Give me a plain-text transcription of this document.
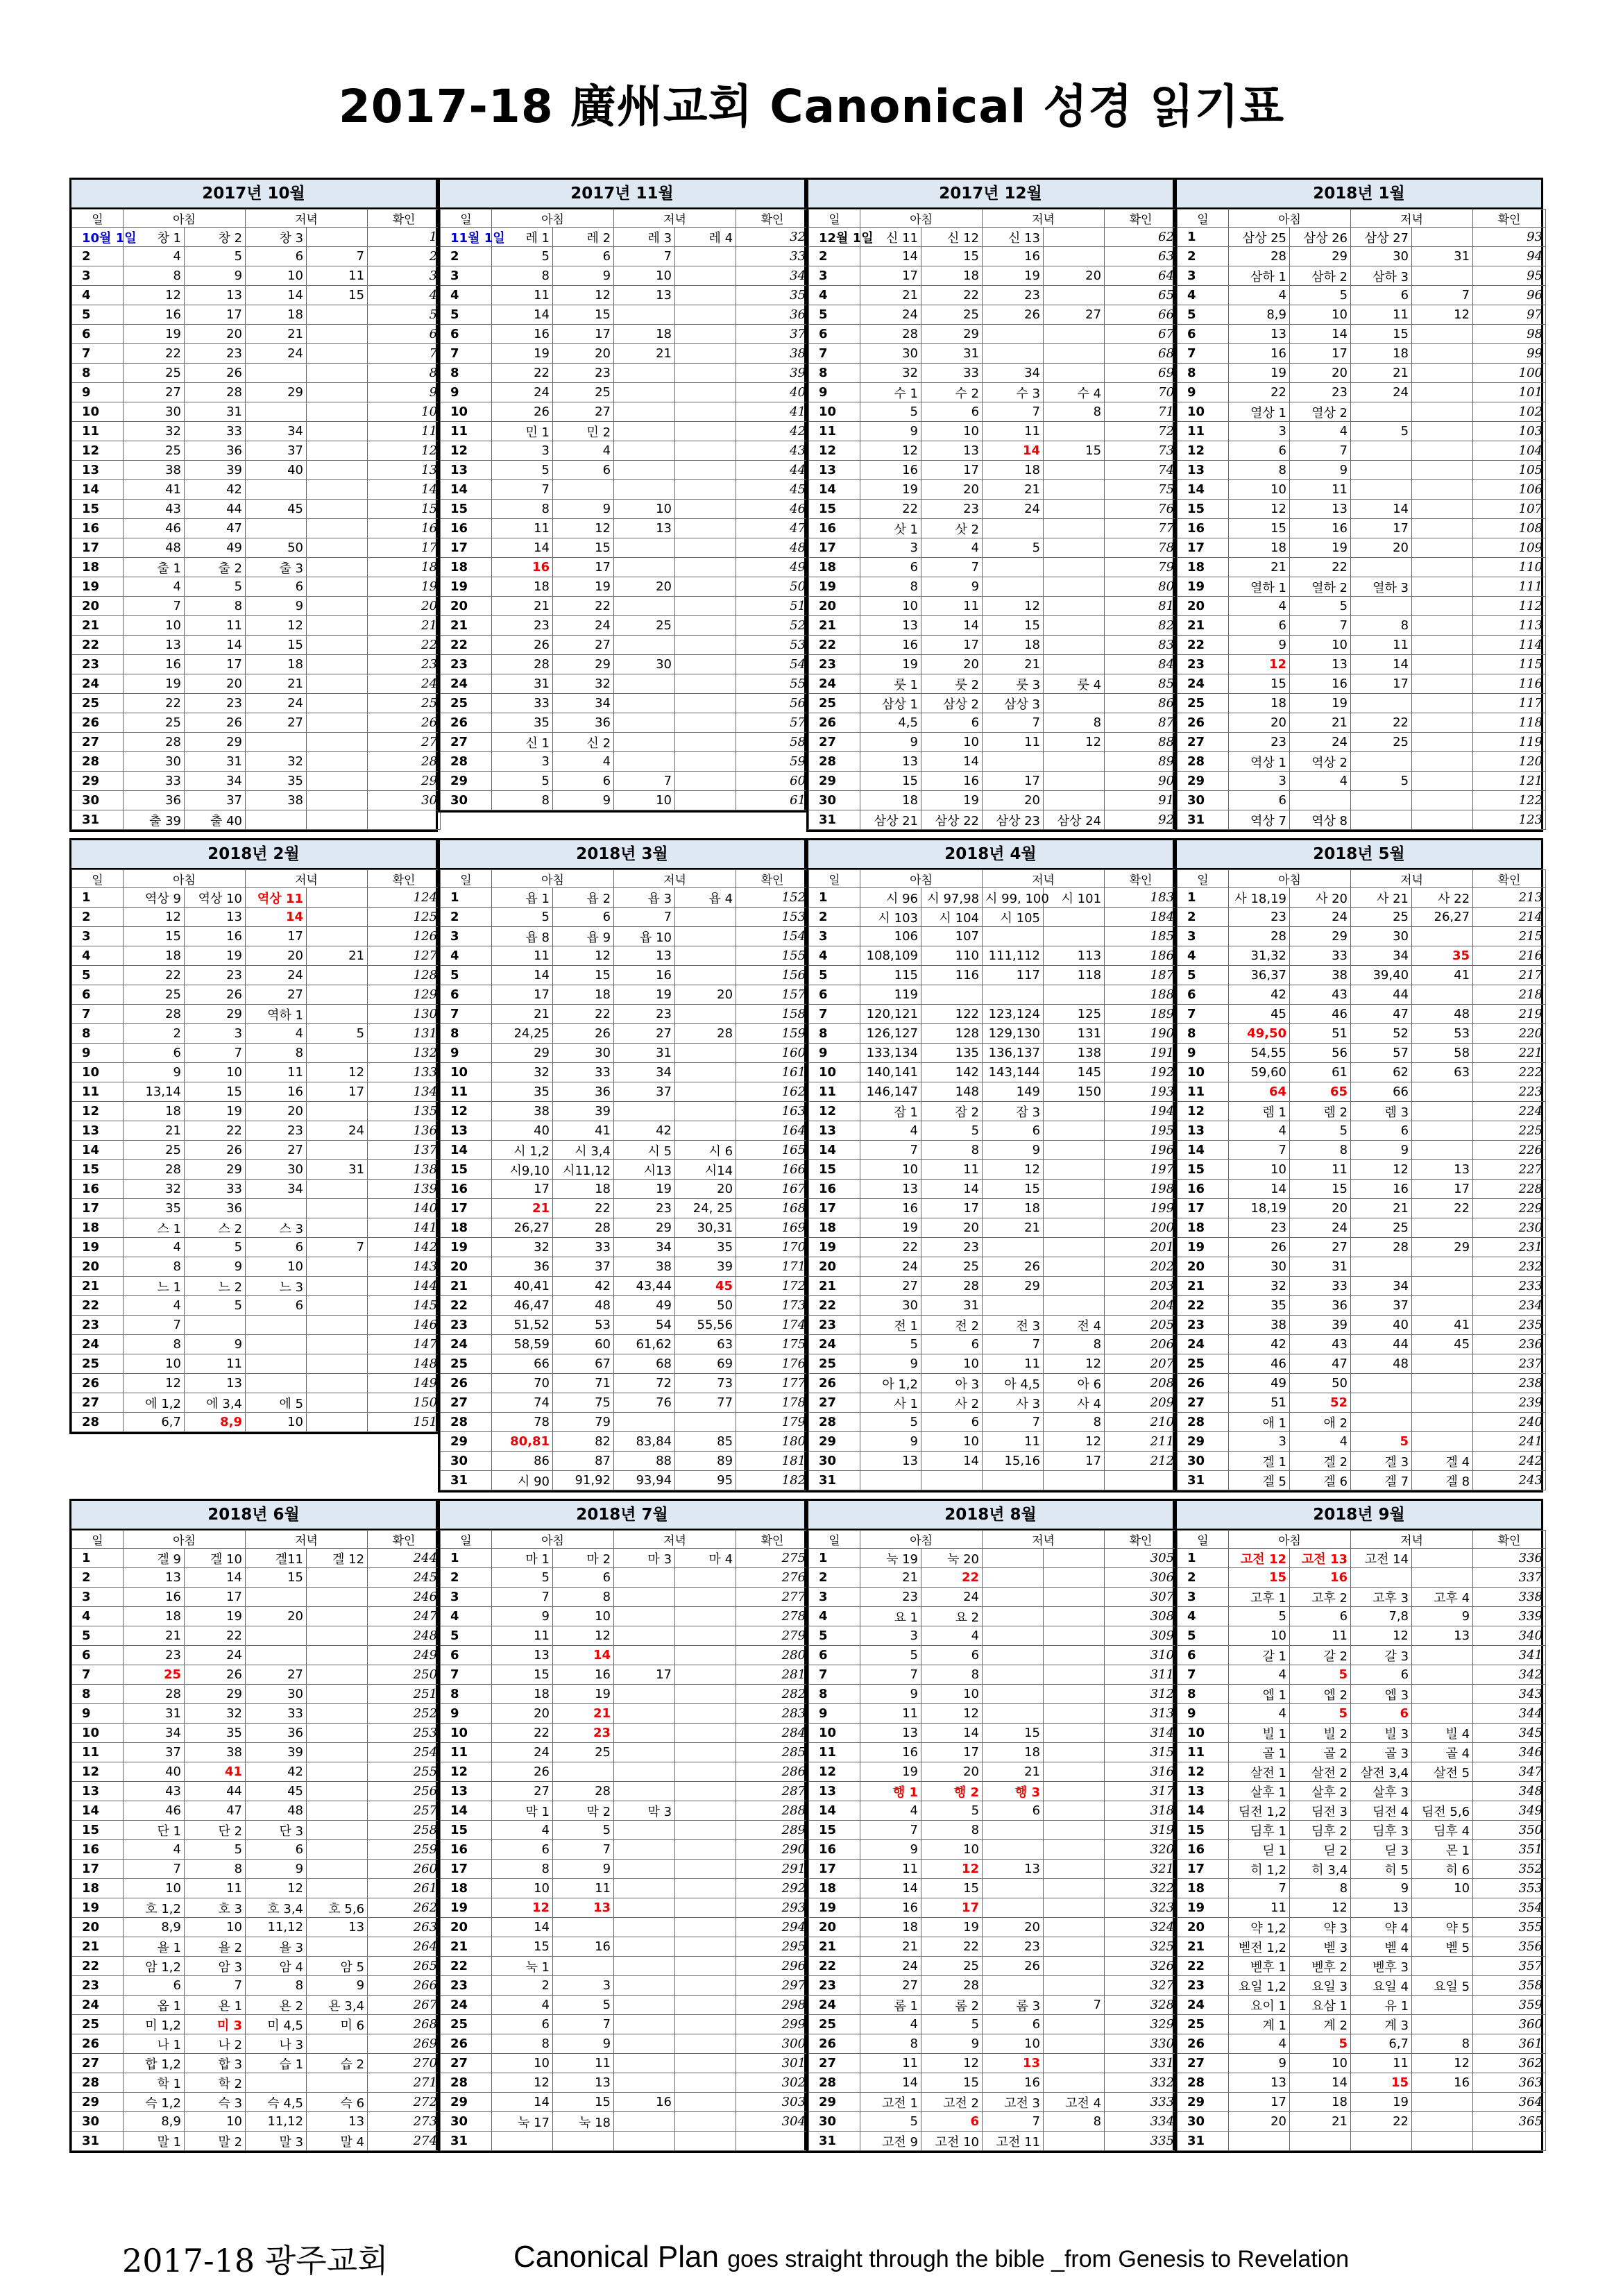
2017-18 廣州교회 Canonical 성경 읽기표
2017년 10월
일	아침		저녁		확인
10월 1일	창 1	창 2	창 3		1
2	4	5	6	7	2
3	8	9	10	11	3
4	12	13	14	15	4
5	16	17	18		5
6	19	20	21		6
7	22	23	24		7
8	25	26			8
9	27	28	29		9
10	30	31			10
11	32	33	34		11
12	25	36	37		12
13	38	39	40		13
14	41	42			14
15	43	44	45		15
16	46	47			16
17	48	49	50		17
18	출 1	출 2	출 3		18
19	4	5	6		19
20	7	8	9		20
21	10	11	12		21
22	13	14	15		22
23	16	17	18		23
24	19	20	21		24
25	22	23	24		25
26	25	26	27		26
27	28	29			27
28	30	31	32		28
29	33	34	35		29
30	36	37	38		30
31	출 39	출 40			
2017년 11월
일	아침		저녁		확인
11월 1일	레 1	레 2	레 3	레 4	32
2	5	6	7		33
3	8	9	10		34
4	11	12	13		35
5	14	15			36
6	16	17	18		37
7	19	20	21		38
8	22	23			39
9	24	25			40
10	26	27			41
11	민 1	민 2			42
12	3	4			43
13	5	6			44
14	7				45
15	8	9	10		46
16	11	12	13		47
17	14	15			48
18	16	17			49
19	18	19	20		50
20	21	22			51
21	23	24	25		52
22	26	27			53
23	28	29	30		54
24	31	32			55
25	33	34			56
26	35	36			57
27	신 1	신 2			58
28	3	4			59
29	5	6	7		60
30	8	9	10		61
2017년 12월
일	아침		저녁		확인
12월 1일	신 11	신 12	신 13		62
2	14	15	16		63
3	17	18	19	20	64
4	21	22	23		65
5	24	25	26	27	66
6	28	29			67
7	30	31			68
8	32	33	34		69
9	수 1	수 2	수 3	수 4	70
10	5	6	7	8	71
11	9	10	11		72
12	12	13	14	15	73
13	16	17	18		74
14	19	20	21		75
15	22	23	24		76
16	삿 1	삿 2			77
17	3	4	5		78
18	6	7			79
19	8	9			80
20	10	11	12		81
21	13	14	15		82
22	16	17	18		83
23	19	20	21		84
24	룻 1	룻 2	룻 3	룻 4	85
25	삼상 1	삼상 2	삼상 3		86
26	4,5	6	7	8	87
27	9	10	11	12	88
28	13	14			89
29	15	16	17		90
30	18	19	20		91
31	삼상 21	삼상 22	삼상 23	삼상 24	92
2018년 1월
일	아침		저녁		확인
1	삼상 25	삼상 26	삼상 27		93
2	28	29	30	31	94
3	삼하 1	삼하 2	삼하 3		95
4	4	5	6	7	96
5	8,9	10	11	12	97
6	13	14	15		98
7	16	17	18		99
8	19	20	21		100
9	22	23	24		101
10	열상 1	열상 2			102
11	3	4	5		103
12	6	7			104
13	8	9			105
14	10	11			106
15	12	13	14		107
16	15	16	17		108
17	18	19	20		109
18	21	22			110
19	열하 1	열하 2	열하 3		111
20	4	5			112
21	6	7	8		113
22	9	10	11		114
23	12	13	14		115
24	15	16	17		116
25	18	19			117
26	20	21	22		118
27	23	24	25		119
28	역상 1	역상 2			120
29	3	4	5		121
30	6				122
31	역상 7	역상 8			123
2018년 2월
일	아침		저녁		확인
1	역상 9	역상 10	역상 11		124
2	12	13	14		125
3	15	16	17		126
4	18	19	20	21	127
5	22	23	24		128
6	25	26	27		129
7	28	29	역하 1		130
8	2	3	4	5	131
9	6	7	8		132
10	9	10	11	12	133
11	13,14	15	16	17	134
12	18	19	20		135
13	21	22	23	24	136
14	25	26	27		137
15	28	29	30	31	138
16	32	33	34		139
17	35	36			140
18	스 1	스 2	스 3		141
19	4	5	6	7	142
20	8	9	10		143
21	느 1	느 2	느 3		144
22	4	5	6		145
23	7				146
24	8	9			147
25	10	11			148
26	12	13			149
27	에 1,2	에 3,4	에 5		150
28	6,7	8,9	10		151
2018년 3월
일	아침		저녁		확인
1	욥 1	욥 2	욥 3	욥 4	152
2	5	6	7		153
3	욥 8	욥 9	욥 10		154
4	11	12	13		155
5	14	15	16		156
6	17	18	19	20	157
7	21	22	23		158
8	24,25	26	27	28	159
9	29	30	31		160
10	32	33	34		161
11	35	36	37		162
12	38	39			163
13	40	41	42		164
14	시 1,2	시 3,4	시 5	시 6	165
15	시9,10	시11,12	시13	시14	166
16	17	18	19	20	167
17	21	22	23	24, 25	168
18	26,27	28	29	30,31	169
19	32	33	34	35	170
20	36	37	38	39	171
21	40,41	42	43,44	45	172
22	46,47	48	49	50	173
23	51,52	53	54	55,56	174
24	58,59	60	61,62	63	175
25	66	67	68	69	176
26	70	71	72	73	177
27	74	75	76	77	178
28	78	79			179
29	80,81	82	83,84	85	180
30	86	87	88	89	181
31	시 90	91,92	93,94	95	182
2018년 4월
일	아침		저녁		확인
1	시 96	시 97,98	시 99, 100	시 101	183
2	시 103	시 104	시 105		184
3	106	107			185
4	108,109	110	111,112	113	186
5	115	116	117	118	187
6	119				188
7	120,121	122	123,124	125	189
8	126,127	128	129,130	131	190
9	133,134	135	136,137	138	191
10	140,141	142	143,144	145	192
11	146,147	148	149	150	193
12	잠 1	잠 2	잠 3		194
13	4	5	6		195
14	7	8	9		196
15	10	11	12		197
16	13	14	15		198
17	16	17	18		199
18	19	20	21		200
19	22	23			201
20	24	25	26		202
21	27	28	29		203
22	30	31			204
23	전 1	전 2	전 3	전 4	205
24	5	6	7	8	206
25	9	10	11	12	207
26	아 1,2	아 3	아 4,5	아 6	208
27	사 1	사 2	사 3	사 4	209
28	5	6	7	8	210
29	9	10	11	12	211
30	13	14	15,16	17	212
31					
2018년 5월
일	아침		저녁		확인
1	사 18,19	사 20	사 21	사 22	213
2	23	24	25	26,27	214
3	28	29	30		215
4	31,32	33	34	35	216
5	36,37	38	39,40	41	217
6	42	43	44		218
7	45	46	47	48	219
8	49,50	51	52	53	220
9	54,55	56	57	58	221
10	59,60	61	62	63	222
11	64	65	66		223
12	렘 1	렘 2	렘 3		224
13	4	5	6		225
14	7	8	9		226
15	10	11	12	13	227
16	14	15	16	17	228
17	18,19	20	21	22	229
18	23	24	25		230
19	26	27	28	29	231
20	30	31			232
21	32	33	34		233
22	35	36	37		234
23	38	39	40	41	235
24	42	43	44	45	236
25	46	47	48		237
26	49	50			238
27	51	52			239
28	애 1	애 2			240
29	3	4	5		241
30	겔 1	겔 2	겔 3	겔 4	242
31	겔 5	겔 6	겔 7	겔 8	243
2018년 6월
일	아침		저녁		확인
1	겔 9	겔 10	겔11	겔 12	244
2	13	14	15		245
3	16	17			246
4	18	19	20		247
5	21	22			248
6	23	24			249
7	25	26	27		250
8	28	29	30		251
9	31	32	33		252
10	34	35	36		253
11	37	38	39		254
12	40	41	42		255
13	43	44	45		256
14	46	47	48		257
15	단 1	단 2	단 3		258
16	4	5	6		259
17	7	8	9		260
18	10	11	12		261
19	호 1,2	호 3	호 3,4	호 5,6	262
20	8,9	10	11,12	13	263
21	욜 1	욜 2	욜 3		264
22	암 1,2	암 3	암 4	암 5	265
23	6	7	8	9	266
24	옵 1	욘 1	욘 2	욘 3,4	267
25	미 1,2	미 3	미 4,5	미 6	268
26	나 1	나 2	나 3		269
27	합 1,2	합 3	습 1	습 2	270
28	학 1	학 2			271
29	슥 1,2	슥 3	슥 4,5	슥 6	272
30	8,9	10	11,12	13	273
31	말 1	말 2	말 3	말 4	274
2018년 7월
일	아침		저녁		확인
1	마 1	마 2	마 3	마 4	275
2	5	6			276
3	7	8			277
4	9	10			278
5	11	12			279
6	13	14			280
7	15	16	17		281
8	18	19			282
9	20	21			283
10	22	23			284
11	24	25			285
12	26				286
13	27	28			287
14	막 1	막 2	막 3		288
15	4	5			289
16	6	7			290
17	8	9			291
18	10	11			292
19	12	13			293
20	14				294
21	15	16			295
22	눅 1				296
23	2	3			297
24	4	5			298
25	6	7			299
26	8	9			300
27	10	11			301
28	12	13			302
29	14	15	16		303
30	눅 17	눅 18			304
31					
2018년 8월
일	아침		저녁		확인
1	눅 19	눅 20			305
2	21	22			306
3	23	24			307
4	요 1	요 2			308
5	3	4			309
6	5	6			310
7	7	8			311
8	9	10			312
9	11	12			313
10	13	14	15		314
11	16	17	18		315
12	19	20	21		316
13	행 1	행 2	행 3		317
14	4	5	6		318
15	7	8			319
16	9	10			320
17	11	12	13		321
18	14	15			322
19	16	17			323
20	18	19	20		324
21	21	22	23		325
22	24	25	26		326
23	27	28			327
24	롬 1	롬 2	롬 3	7	328
25	4	5	6		329
26	8	9	10		330
27	11	12	13		331
28	14	15	16		332
29	고전 1	고전 2	고전 3	고전 4	333
30	5	6	7	8	334
31	고전 9	고전 10	고전 11		335
2018년 9월
일	아침		저녁		확인
1	고전 12	고전 13	고전 14		336
2	15	16			337
3	고후 1	고후 2	고후 3	고후 4	338
4	5	6	7,8	9	339
5	10	11	12	13	340
6	갈 1	갈 2	갈 3		341
7	4	5	6		342
8	엡 1	엡 2	엡 3		343
9	4	5	6		344
10	빌 1	빌 2	빌 3	빌 4	345
11	골 1	골 2	골 3	골 4	346
12	살전 1	살전 2	살전 3,4	살전 5	347
13	살후 1	살후 2	살후 3		348
14	딤전 1,2	딤전 3	딤전 4	딤전 5,6	349
15	딤후 1	딤후 2	딤후 3	딤후 4	350
16	딛 1	딛 2	딛 3	몬 1	351
17	히 1,2	히 3,4	히 5	히 6	352
18	7	8	9	10	353
19	11	12	13		354
20	약 1,2	약 3	약 4	약 5	355
21	벧전 1,2	벧 3	벧 4	벧 5	356
22	벧후 1	벧후 2	벧후 3		357
23	요일 1,2	요일 3	요일 4	요일 5	358
24	요이 1	요삼 1	유 1		359
25	계 1	계 2	계 3		360
26	4	5	6,7	8	361
27	9	10	11	12	362
28	13	14	15	16	363
29	17	18	19		364
30	20	21	22		365
31					
2017-18 광주교회	Canonical Plan goes straight through the bible _from Genesis to Revelation
